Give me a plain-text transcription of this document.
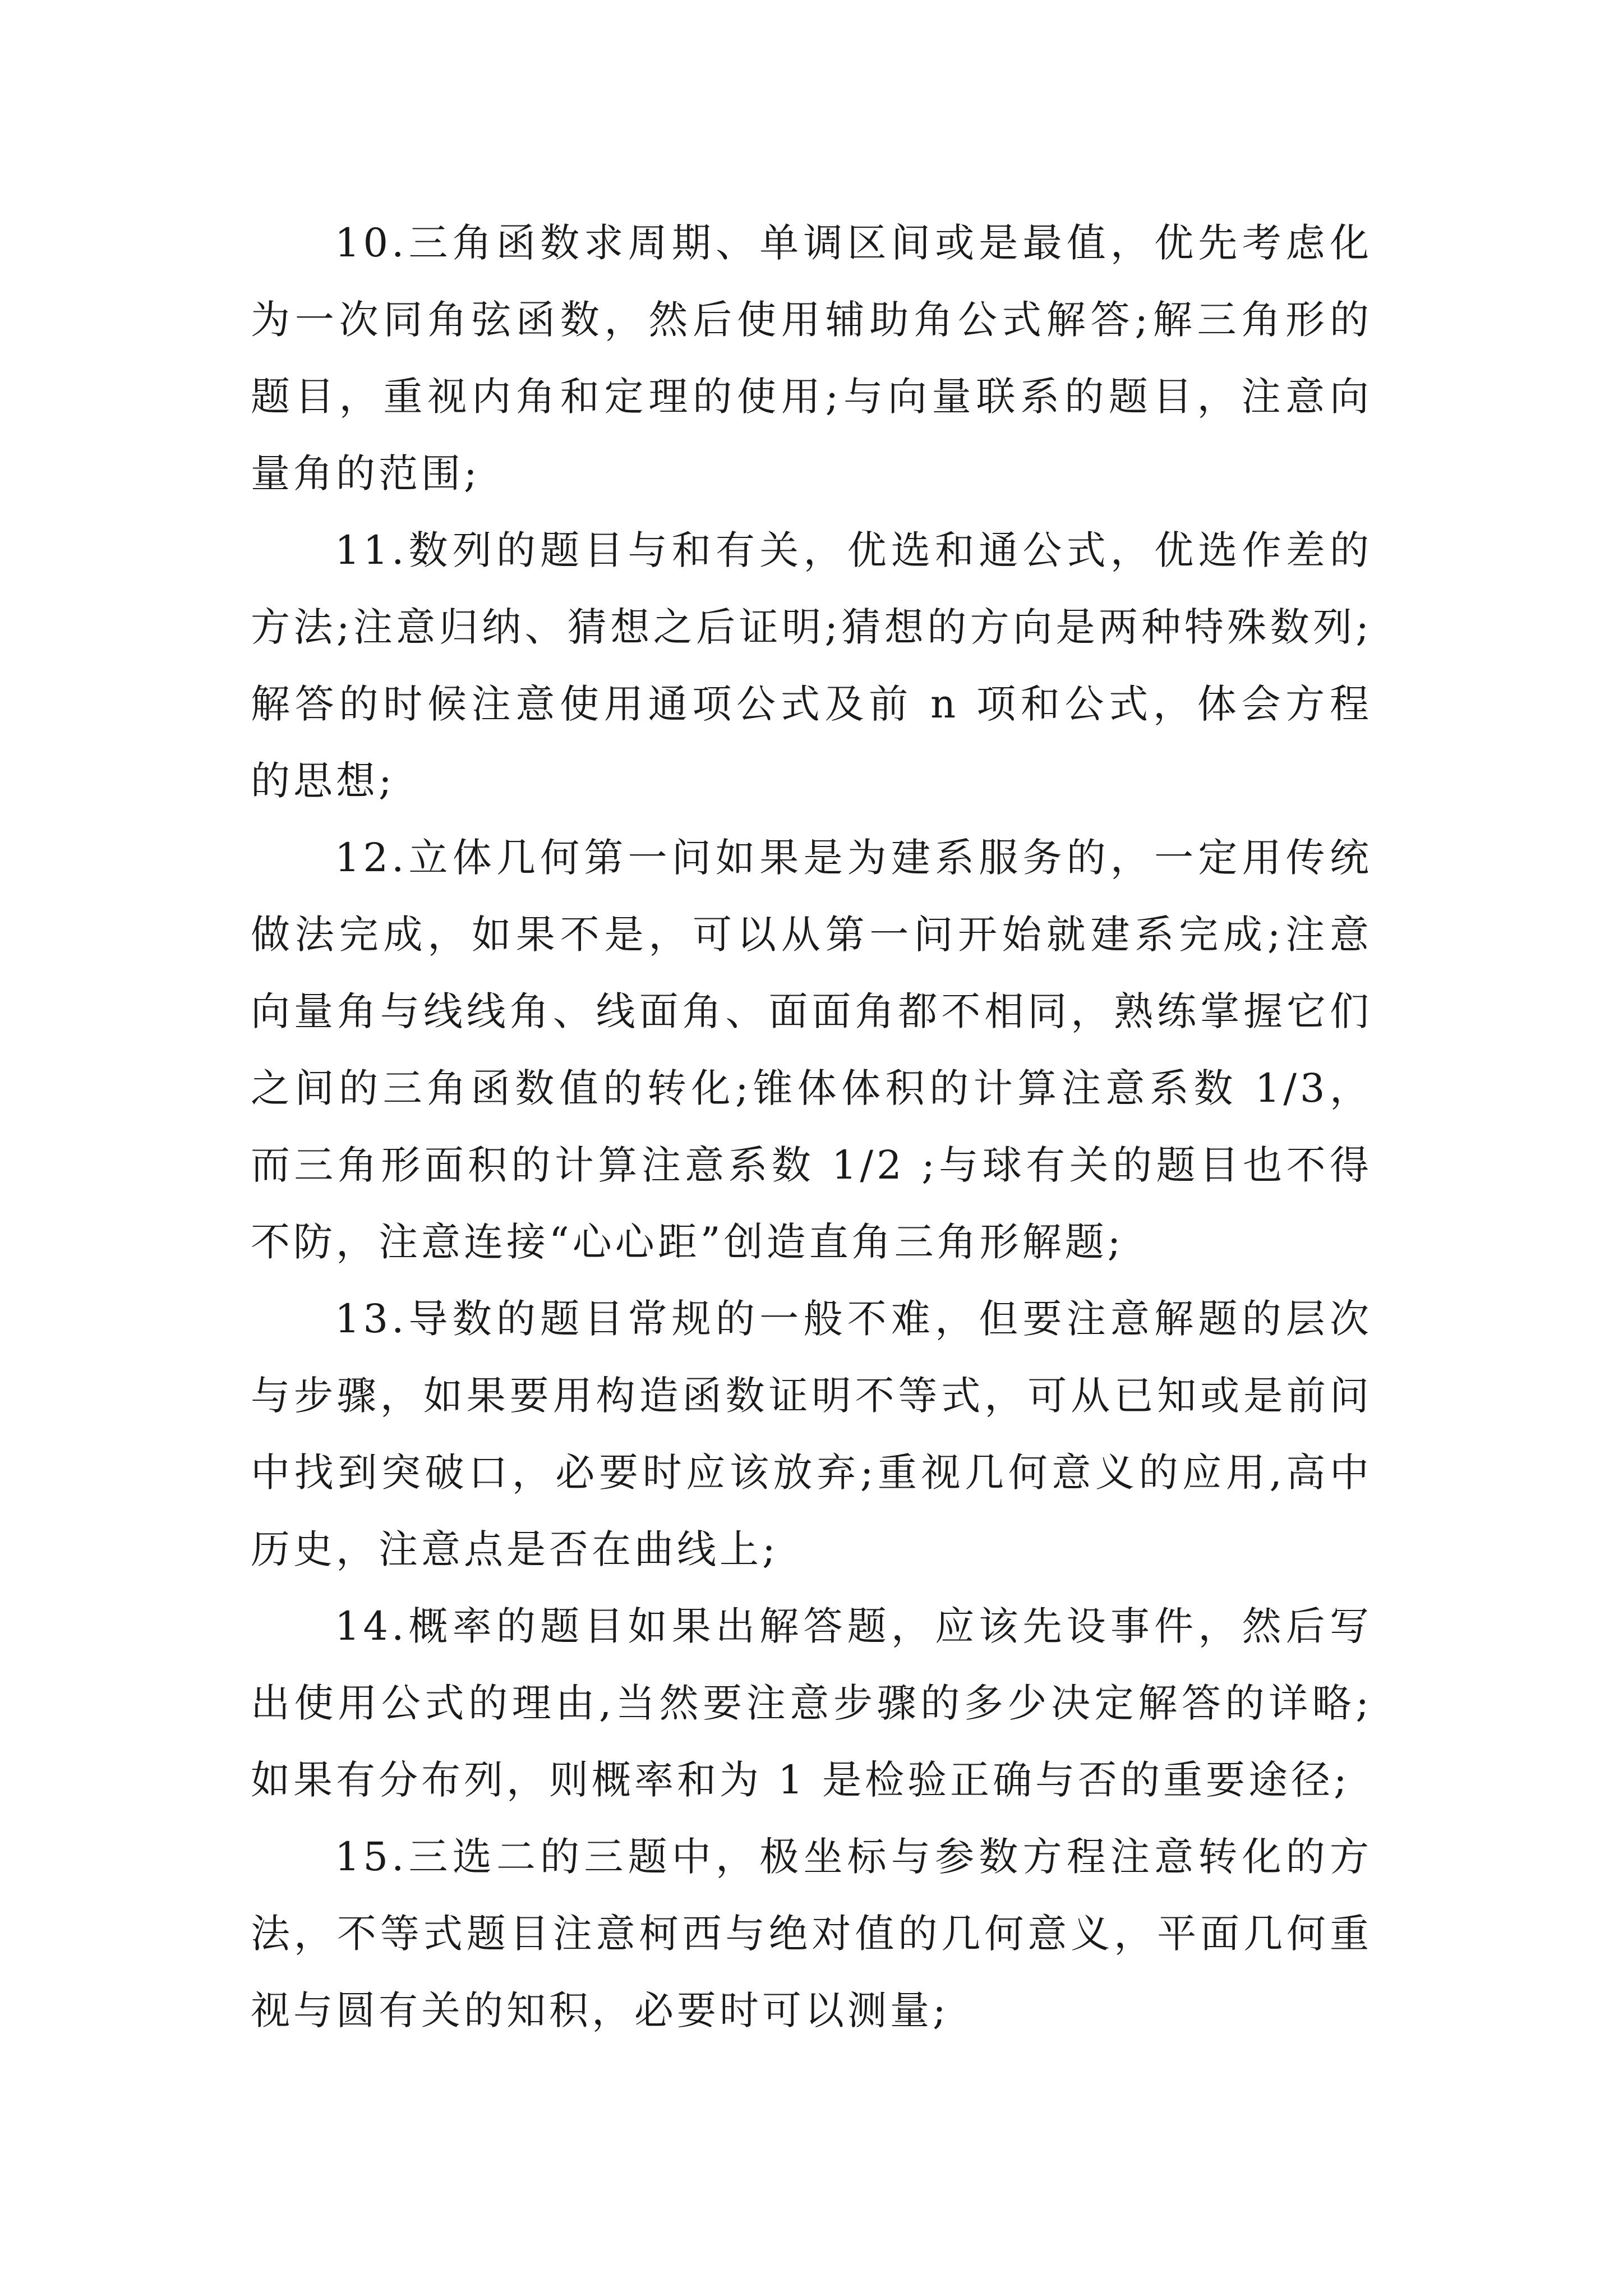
10.三角函数求周期、单调区间或是最值，优先考虑化为一次同角弦函数，然后使用辅助角公式解答;解三角形的题目，重视内角和定理的使用;与向量联系的题目，注意向量角的范围;

11.数列的题目与和有关，优选和通公式，优选作差的方法;注意归纳、猜想之后证明;猜想的方向是两种特殊数列;解答的时候注意使用通项公式及前 n 项和公式，体会方程的思想;

12.立体几何第一问如果是为建系服务的，一定用传统做法完成，如果不是，可以从第一问开始就建系完成;注意向量角与线线角、线面角、面面角都不相同，熟练掌握它们之间的三角函数值的转化;锥体体积的计算注意系数 1/3，而三角形面积的计算注意系数 1/2 ;与球有关的题目也不得不防，注意连接“心心距”创造直角三角形解题;

13.导数的题目常规的一般不难，但要注意解题的层次与步骤，如果要用构造函数证明不等式，可从已知或是前问中找到突破口，必要时应该放弃;重视几何意义的应用,高中历史，注意点是否在曲线上;

14.概率的题目如果出解答题，应该先设事件，然后写出使用公式的理由,当然要注意步骤的多少决定解答的详略;如果有分布列，则概率和为 1 是检验正确与否的重要途径;

15.三选二的三题中，极坐标与参数方程注意转化的方法，不等式题目注意柯西与绝对值的几何意义，平面几何重视与圆有关的知积，必要时可以测量;
